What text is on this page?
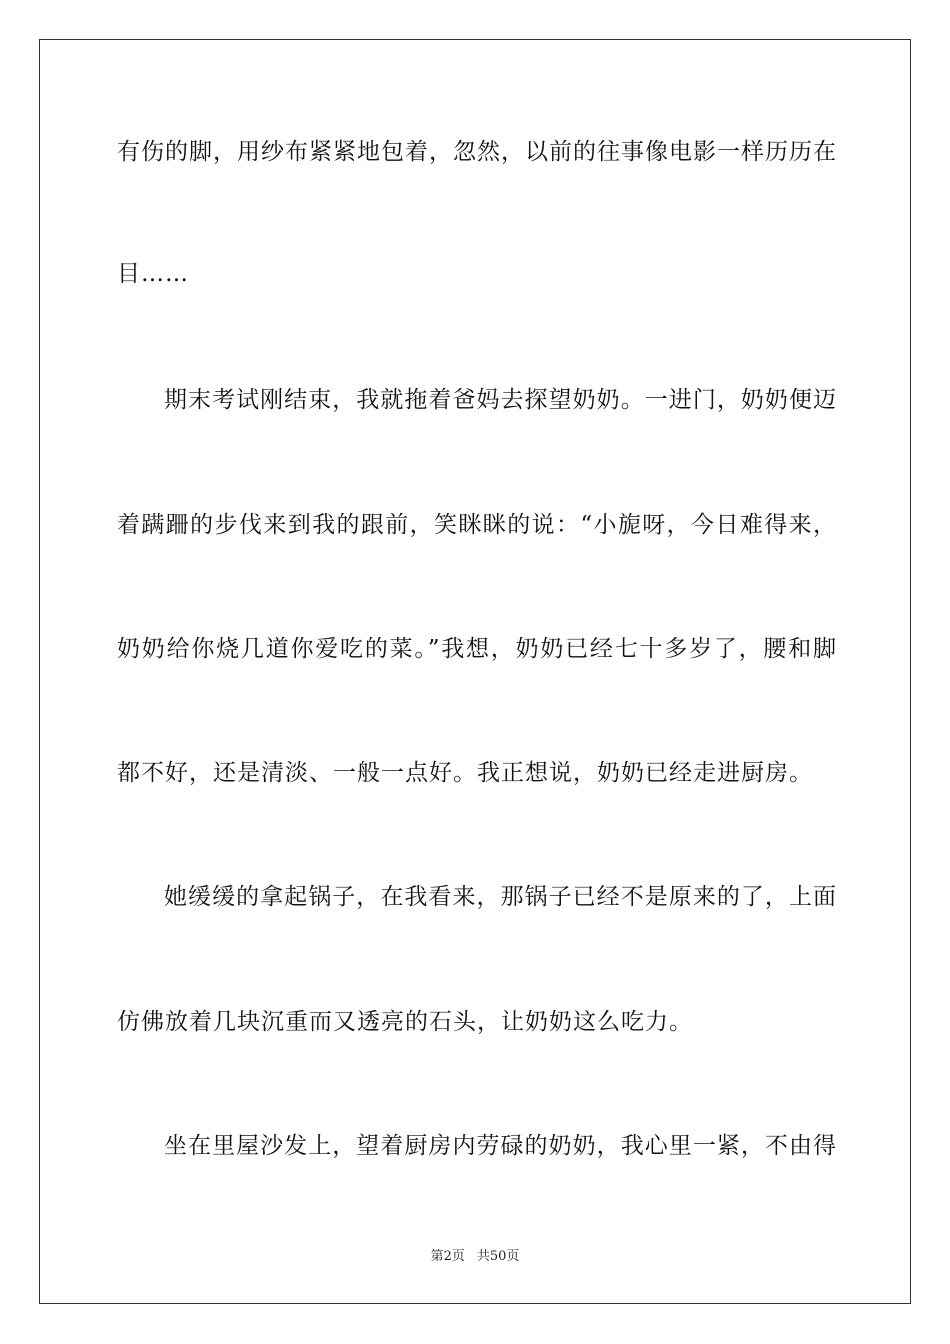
有伤的脚，用纱布紧紧地包着，忽然，以前的往事像电影一样历历在
目……
期末考试刚结束，我就拖着爸妈去探望奶奶。一进门，奶奶便迈
着蹒跚的步伐来到我的跟前，笑眯眯的说：“小旎呀，今日难得来，
奶奶给你烧几道你爱吃的菜。”我想，奶奶已经七十多岁了，腰和脚
都不好，还是清淡、一般一点好。我正想说，奶奶已经走进厨房。
她缓缓的拿起锅子，在我看来，那锅子已经不是原来的了，上面
仿佛放着几块沉重而又透亮的石头，让奶奶这么吃力。
坐在里屋沙发上，望着厨房内劳碌的奶奶，我心里一紧，不由得
第2页 共50页
